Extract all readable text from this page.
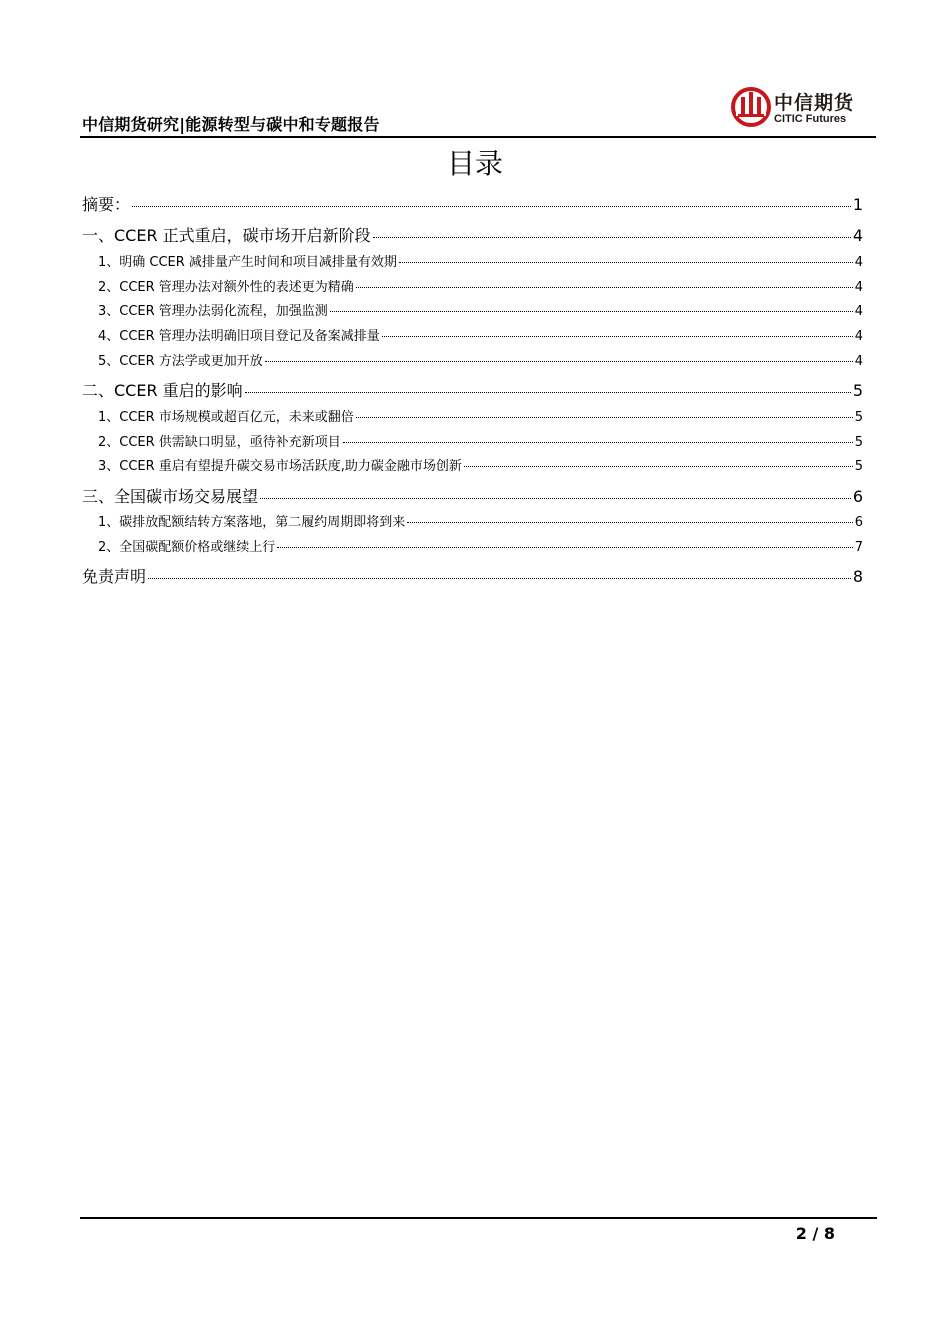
中信期货研究|能源转型与碳中和专题报告
中信期货
CITIC Futures
目录
摘要：	1
一、CCER 正式重启，碳市场开启新阶段	4
1、明确 CCER 减排量产生时间和项目减排量有效期	4
2、CCER 管理办法对额外性的表述更为精确	4
3、CCER 管理办法弱化流程，加强监测	4
4、CCER 管理办法明确旧项目登记及备案减排量	4
5、CCER 方法学或更加开放	4
二、CCER 重启的影响	5
1、CCER 市场规模或超百亿元，未来或翻倍	5
2、CCER 供需缺口明显，亟待补充新项目	5
3、CCER 重启有望提升碳交易市场活跃度,助力碳金融市场创新	5
三、全国碳市场交易展望	6
1、碳排放配额结转方案落地，第二履约周期即将到来	6
2、全国碳配额价格或继续上行	7
免责声明	8
2 / 8
